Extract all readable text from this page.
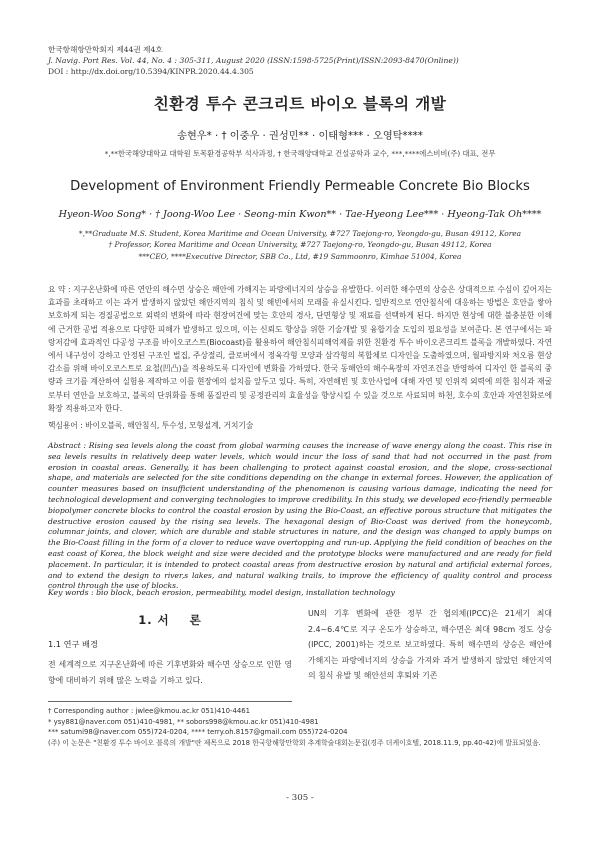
한국항해항만학회지 제44권 제4호
J. Navig. Port Res. Vol. 44, No. 4 : 305-311, August 2020 (ISSN:1598-5725(Print)/ISSN:2093-8470(Online))
DOI : http://dx.doi.org/10.5394/KINPR.2020.44.4.305
친환경 투수 콘크리트 바이오 블록의 개발
송현우* · † 이중우 · 권성민** · 이태형*** · 오영탁****
*,**한국해양대학교 대학원 토목환경공학부 석사과정, † 한국해양대학교 건설공학과 교수, ***,****에스비비(주) 대표, 전무
Development of Environment Friendly Permeable Concrete Bio Blocks
Hyeon-Woo Song* · † Joong-Woo Lee · Seong-min Kwon** · Tae-Hyeong Lee*** · Hyeong-Tak Oh****
*,**Graduate M.S. Student, Korea Maritime and Ocean University, #727 Taejong-ro, Yeongdo-gu, Busan 49112, Korea
† Professor, Korea Maritime and Ocean University, #727 Taejong-ro, Yeongdo-gu, Busan 49112, Korea
***CEO, ****Executive Director, SBB Co., Ltd, #19 Sammoonro, Kimhae 51004, Korea

요 약 : 지구온난화에 따른 연안의 해수면 상승은 해안에 가해지는 파랑에너지의 상승을 유발한다. 이러한 해수면의 상승은 상대적으로 수심이 깊어지는 효과를 초래하고 이는 과거 발생하지 않았던 해안지역의 침식 및 해빈에서의 모래를 유실시킨다. 일반적으로 연안침식에 대응하는 방법은 호안을 쌓아 보호하게 되는 경질공법으로 외력의 변화에 따라 현장여건에 맞는 호안의 경사, 단면형상 및 재료를 선택하게 된다. 하지만 현상에 대한 불충분한 이해에 근거한 공법 적용으로 다양한 피해가 발생하고 있으며, 이는 신뢰도 향상을 위한 기술개발 및 융합기술 도입의 필요성을 보여준다. 본 연구에서는 파랑저감에 효과적인 다공성 구조를 바이오코스트(Biocoast)를 활용하여 해안침식피해억제를 위한 친환경 투수 바이오콘크리트 블록을 개발하였다. 자연에서 내구성이 강하고 안정된 구조인 벌집, 주상절리, 클로버에서 정육각형 모양과 삼각형의 복합체로 디자인을 도출하였으며, 월파방지와 처오름 현상 감소를 위해 바이오코스트로 요철(凹凸)을 적용하도록 디자인에 변화를 가하였다. 한국 동해안의 해수욕장의 자연조건을 반영하여 디자인 한 블록의 중량과 크기를 계산하여 실험용 제작하고 이를 현장에의 설치를 앞두고 있다. 특히, 자연해빈 및 호안사업에 대해 자연 및 인위적 외력에 의한 침식과 재굴로부터 연안을 보호하고, 블록의 단위화를 통해 품질관리 및 공정관리의 효율성을 향상시킬 수 있을 것으로 사료되며 하천, 호수의 호안과 자연친화로에 확장 적용하고자 한다.

핵심용어 : 바이오블록, 해안침식, 투수성, 모형설계, 거치기술

Abstract : Rising sea levels along the coast from global warming causes the increase of wave energy along the coast. This rise in sea levels results in relatively deep water levels, which would incur the loss of sand that had not occurred in the past from erosion in coastal areas. Generally, it has been challenging to protect against coastal erosion, and the slope, cross-sectional shape, and materials are selected for the site conditions depending on the change in external forces. However, the application of counter measures based on insufficient understanding of the phenomenon is causing various damage, indicating the need for technological development and converging technologies to improve credibility. In this study, we developed eco-friendly permeable biopolymer concrete blocks to control the coastal erosion by using the Bio-Coast, an effective porous structure that mitigates the destructive erosion caused by the rising sea levels. The hexagonal design of Bio-Coast was derived from the honeycomb, columnar joints, and clover, which are durable and stable structures in nature, and the design was changed to apply bumps on the Bio-Coast filling in the form of a clover to reduce wave overtopping and run-up. Applying the field condition of beaches on the east coast of Korea, the block weight and size were decided and the prototype blocks were manufactured and are ready for field placement. In particular, it is intended to protect coastal areas from destructive erosion by natural and artificial external forces, and to extend the design to river,s lakes, and natural walking trails, to improve the efficiency of quality control and process control through the use of blocks.

Key words : bio block, beach erosion, permeability, model design, installation technology

1. 서    론
1.1 연구 배경

전 세계적으로 지구온난화에 따른 기후변화와 해수면 상승으로 인한 영향에 대비하기 위해 많은 노력을 기하고 있다.

UN의 기후 변화에 관한 정부 간 협의체(IPCC)은 21세기 최대 2.4~6.4℃로 지구 온도가 상승하고, 해수면은 최대 98cm 정도 상승(IPCC, 2001)하는 것으로 보고하였다. 특히 해수면의 상승은 해안에 가해지는 파랑에너지의 상승을 가져와 과거 발생하지 않았던 해안지역의 침식 유발 및 해안선의 후퇴와 기존

† Corresponding author : jwlee@kmou.ac.kr 051)410-4461
* ysy881@naver.com 051)410-4981, ** sobors998@kmou.ac.kr 051)410-4981
*** satumi98@naver.com 055)724-0204, **** terry.oh.8157@gmail.com 055)724-0204
(주) 이 논문은 "친환경 투수 바이오 블록의 개발"란 제목으로 2018 한국항해항만학회 추계학술대회논문집(경주 더케이호텔, 2018.11.9, pp.40-42)에 발표되었음.
- 305 -
